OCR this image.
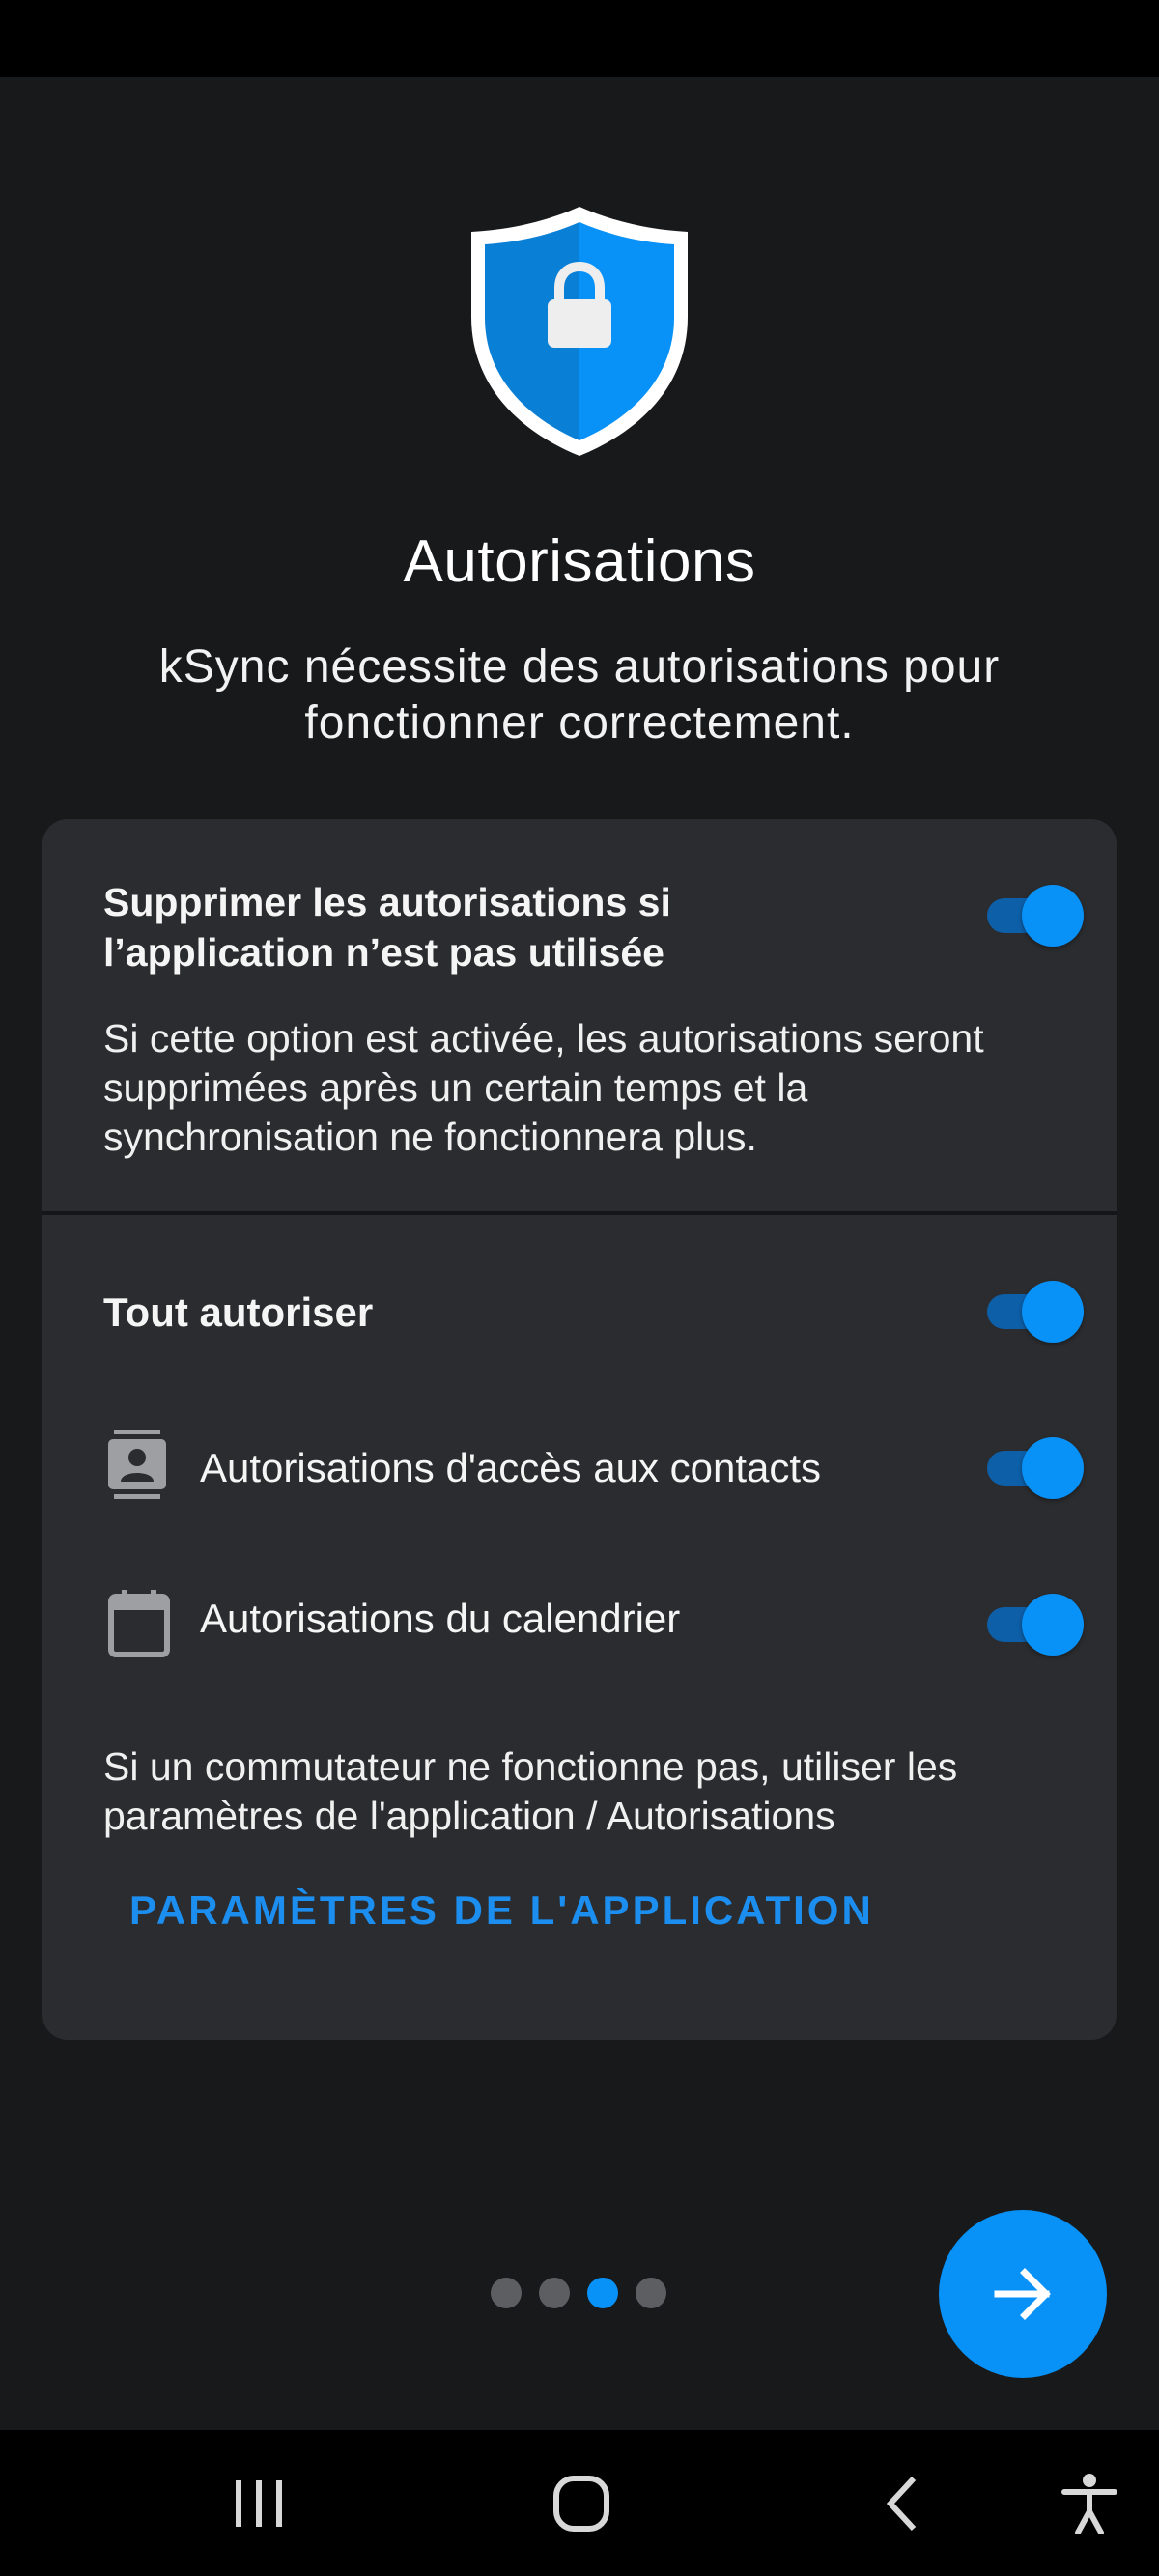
Autorisations
kSync nécessite des autorisations pour fonctionner correctement.
Supprimer les autorisations si l’application n’est pas utilisée
Si cette option est activée, les autorisations seront supprimées après un certain temps et la synchronisation ne fonctionnera plus.
Tout autoriser
Autorisations d'accès aux contacts
Autorisations du calendrier
Si un commutateur ne fonctionne pas, utiliser les paramètres de l'application / Autorisations
PARAMÈTRES DE L'APPLICATION
